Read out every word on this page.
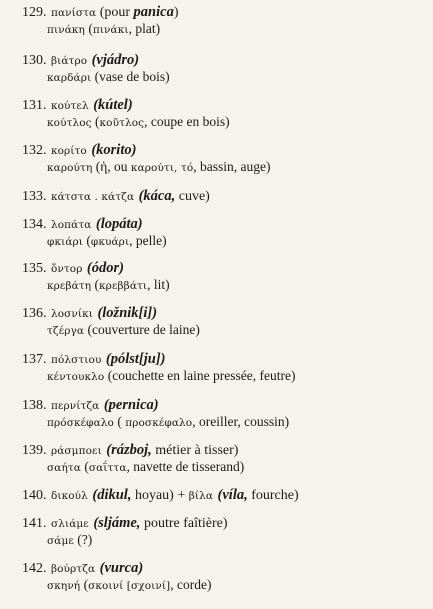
129. πανίστα (pour panica)
πινάκη (πινάκι, plat)
130. βιάτρο (vjádro)
καρδάρι (vase de bois)
131. κούτελ (kútel)
κούτλος (κοῦτλος, coupe en bois)
132. κορίτο (korito)
καρούτη (ἡ, ou καρούτι, τό, bassin, auge)
133. κάτστα . κάτζα (káca, cuve)
134. λοπάτα (lopáta)
φκιάρι (φκυάρι, pelle)
135. ὅντορ (ódor)
κρεβάτη (κρεββάτι, lit)
136. λοσνίκι (ložnik[i])
τζέργα (couverture de laine)
137. πόλστιου (pólst[ju])
κέντουκλο (couchette en laine pressée, feutre)
138. περνίτζα (pernica)
πρόσκέφαλο ( προσκέφαλο, oreiller, coussin)
139. ράσμποει (rázboj, métier à tisser)
σαήτα (σαΐττα, navette de tisserand)
140. δικούλ (dikul, hoyau) + βίλα (víla, fourche)
141. σλιάμε (sljáme, poutre faîtière)
σάμε (?)
142. βούρτζα (vurca)
σκηνή (σκοινί [σχοινί], corde)
